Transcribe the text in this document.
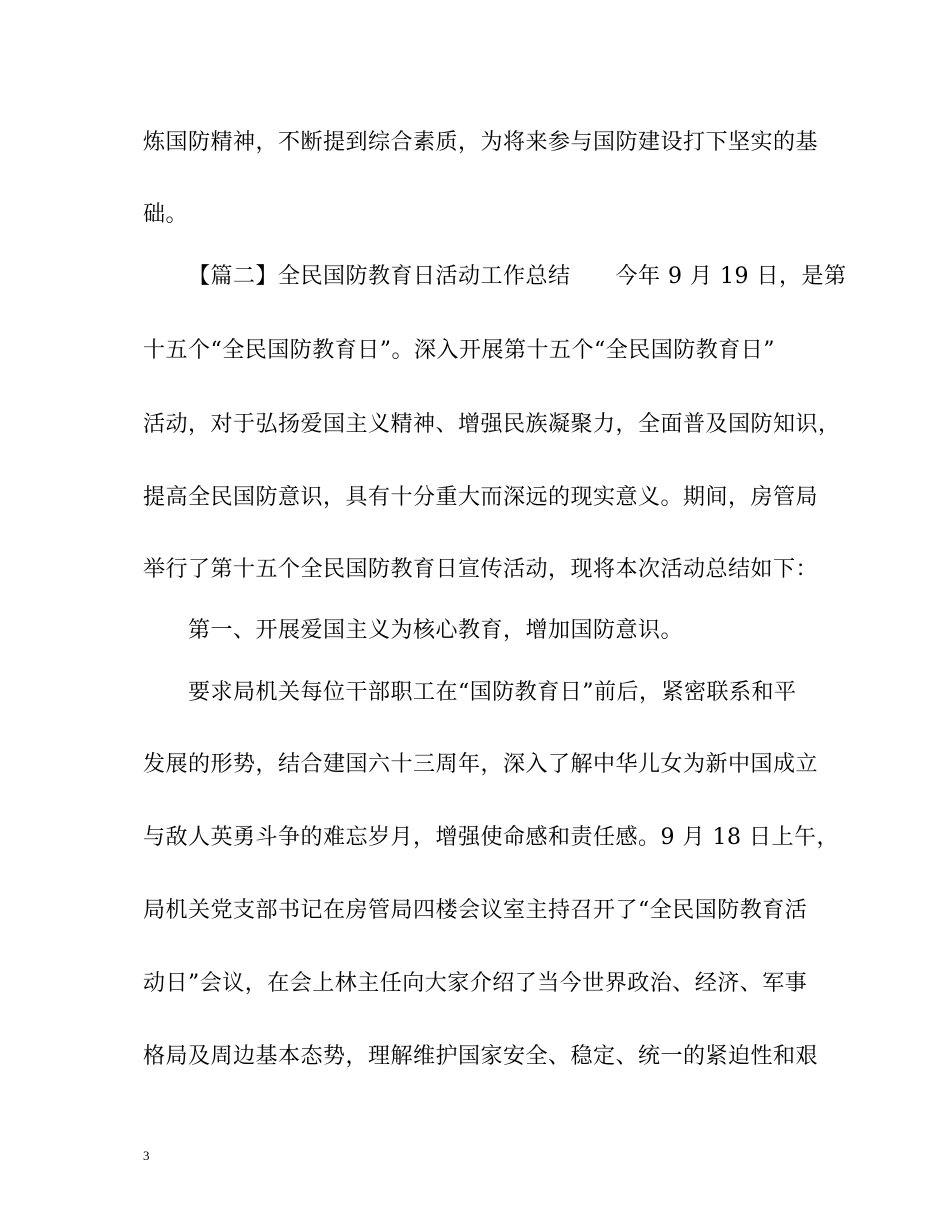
炼国防精神，不断提到综合素质，为将来参与国防建设打下坚实的基
础。
【篇二】全民国防教育日活动工作总结　　今年 9 月 19 日，是第
十五个“全民国防教育日”。深入开展第十五个“全民国防教育日”
活动，对于弘扬爱国主义精神、增强民族凝聚力，全面普及国防知识，
提高全民国防意识，具有十分重大而深远的现实意义。期间，房管局
举行了第十五个全民国防教育日宣传活动，现将本次活动总结如下：
第一、开展爱国主义为核心教育，增加国防意识。
要求局机关每位干部职工在“国防教育日”前后，紧密联系和平
发展的形势，结合建国六十三周年，深入了解中华儿女为新中国成立
与敌人英勇斗争的难忘岁月，增强使命感和责任感。9 月 18 日上午，
局机关党支部书记在房管局四楼会议室主持召开了“全民国防教育活
动日”会议，在会上林主任向大家介绍了当今世界政治、经济、军事
格局及周边基本态势，理解维护国家安全、稳定、统一的紧迫性和艰
3
